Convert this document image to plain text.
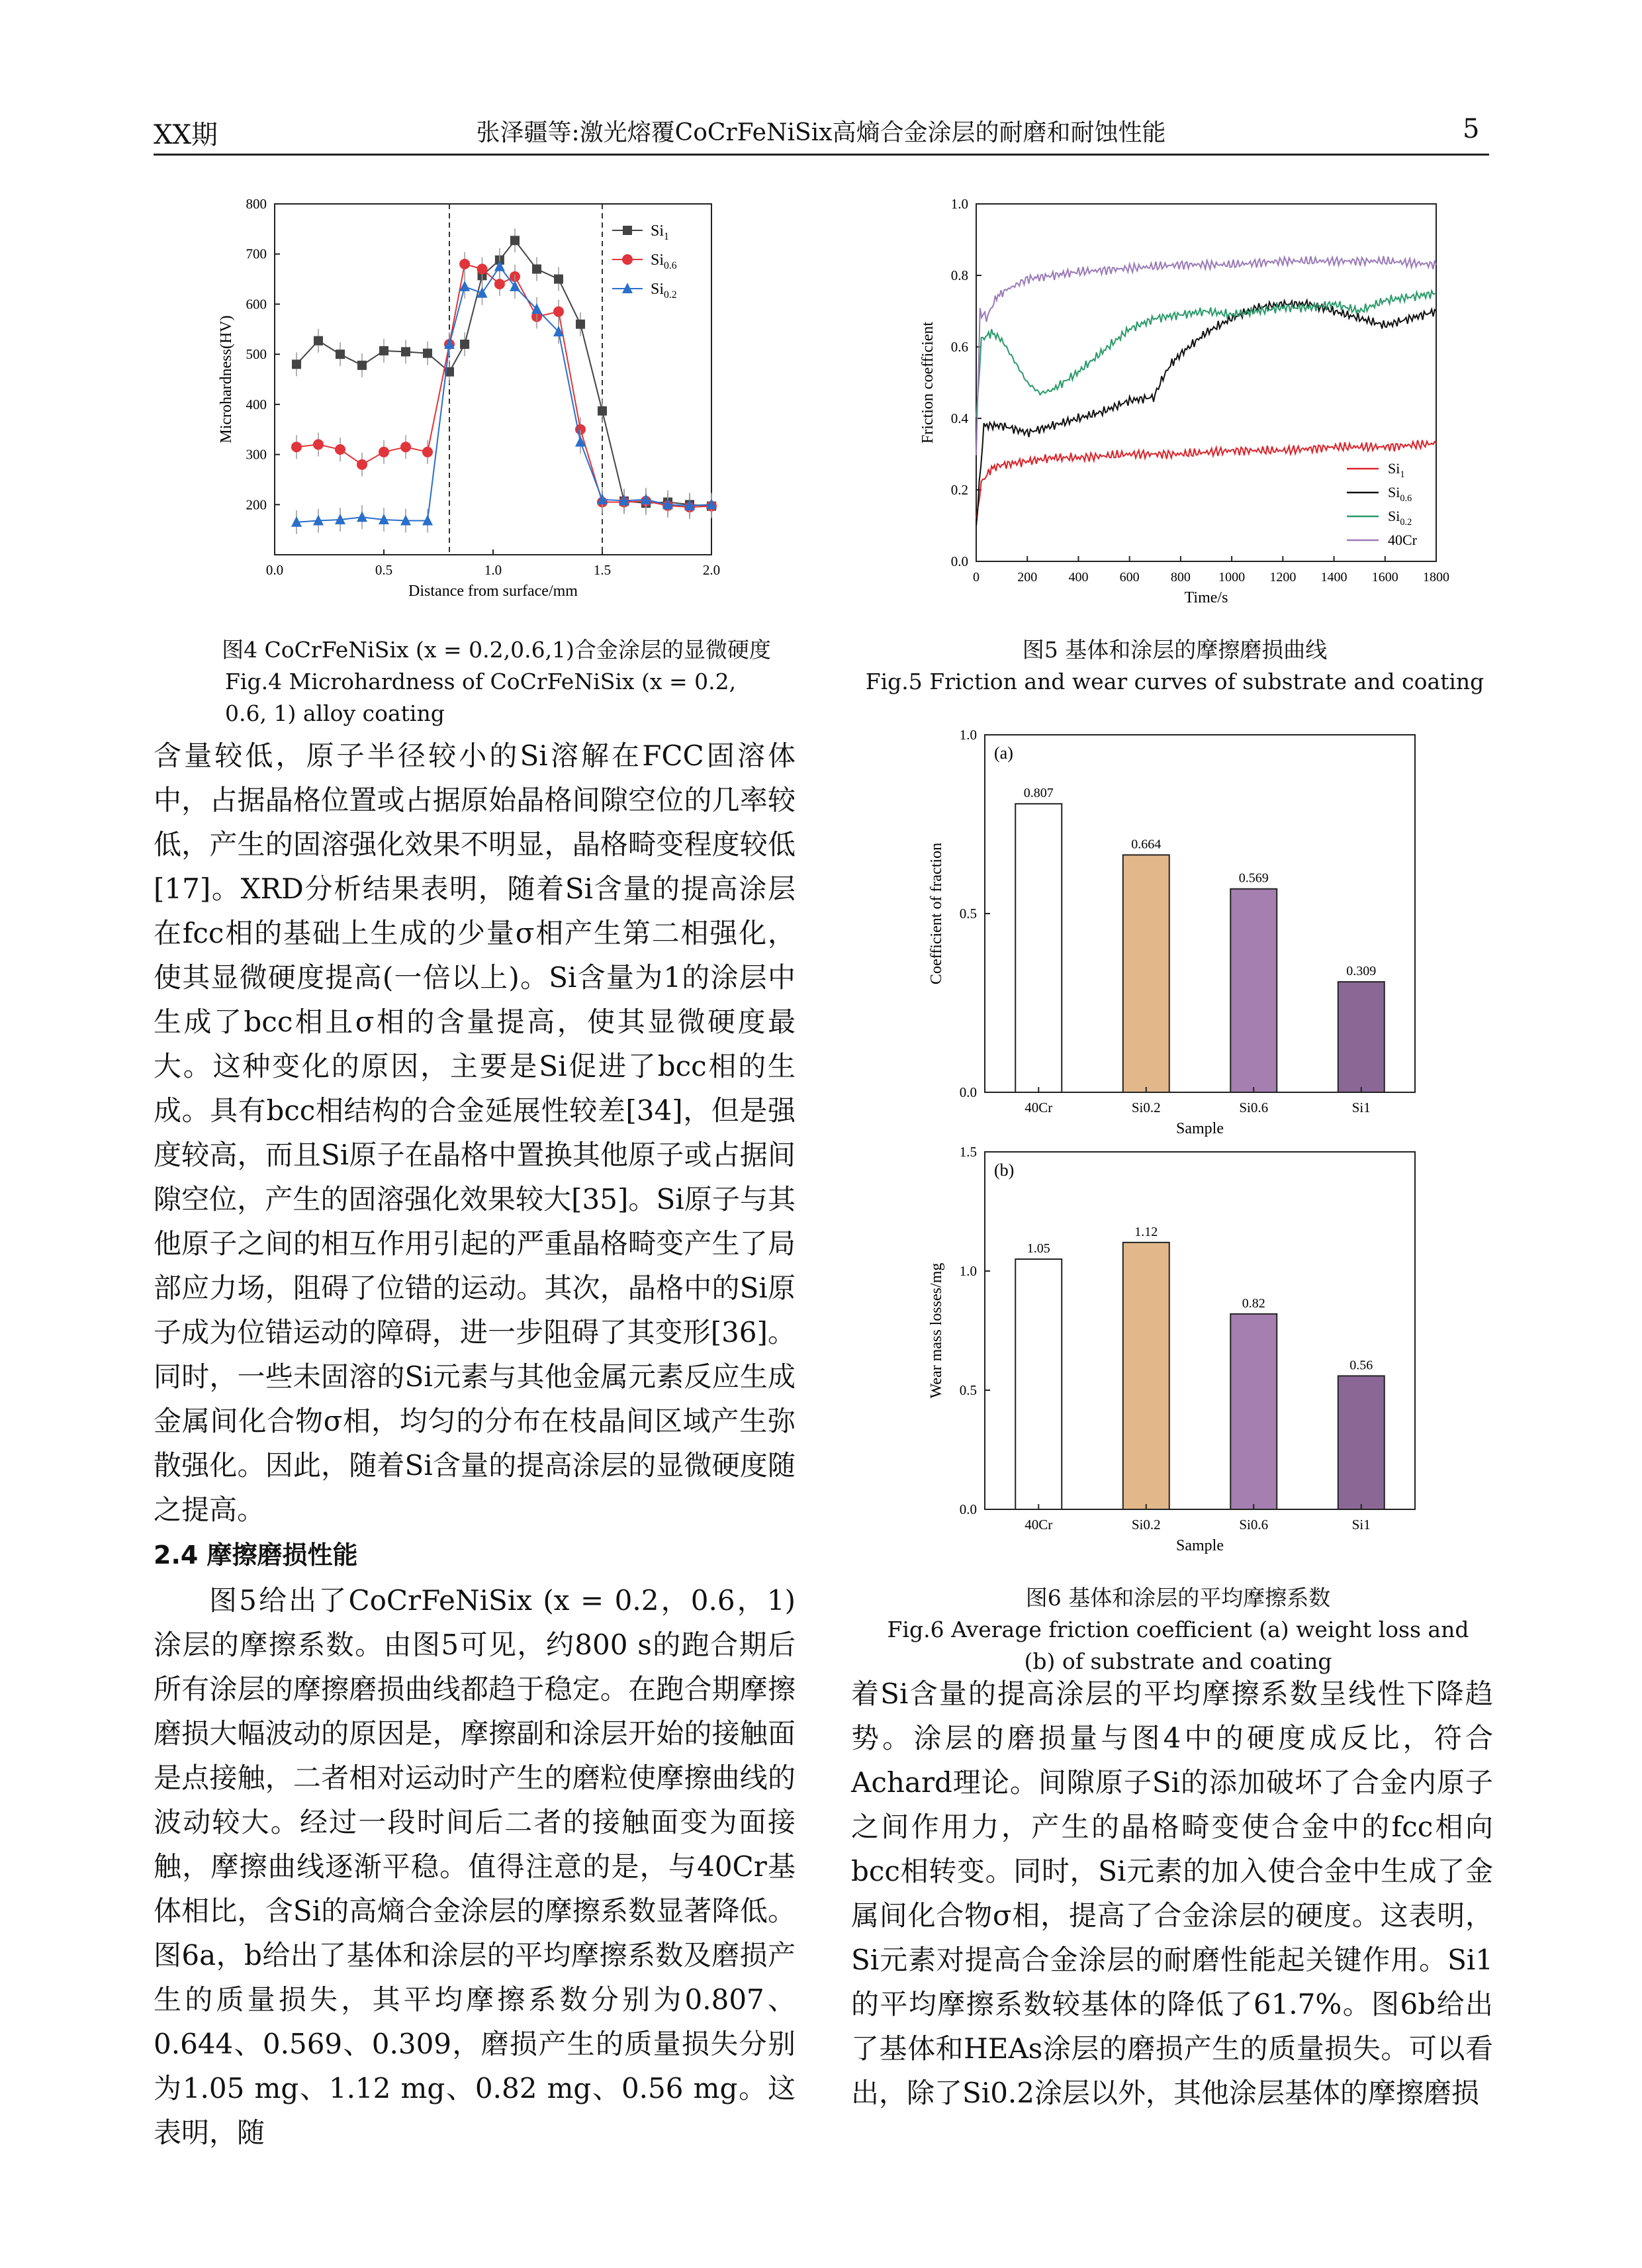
XX期	张泽疆等:激光熔覆CoCrFeNiSix高熵合金涂层的耐磨和耐蚀性能	5
200
300
400
500
600
700
800
0.0	0.5	1.0	1.5	2.0
Distance from surface/mm
Microhardness(HV)
$Si_1$
$Si_{0.6}$
$Si_{0.2}$
图4 CoCrFeNiSix (x = 0.2,0.6,1)合金涂层的显微硬度
Fig.4 Microhardness of CoCrFeNiSix (x = 0.2, 0.6, 1) alloy coating
0.0
0.2
0.4
0.6
0.8
1.0
0	200 400 600 800 1000 1200 1400 1600 1800
Time/s
Friction coefficient
$Si_1$
$Si_{0.6}$
$Si_{0.2}$
40Cr
图5 基体和涂层的摩擦磨损曲线
Fig.5 Friction and wear curves of substrate and coating
(a)
0.0
0.5
1.0
0.807
40Cr
0.664
Si0.2
0.569
Si0.6
0.309
Si1
Sample
Coefficient of fraction
(b)
0.0
0.5
1.0
1.5
1.05
40Cr
1.12
Si0.2
0.82
Si0.6
0.56
Si1
Sample
Wear mass losses/mg
图6 基体和涂层的平均摩擦系数
Fig.6 Average friction coefficient (a) weight loss and (b) of substrate and coating

含量较低，原子半径较小的Si溶解在FCC固溶体中，占据晶格位置或占据原始晶格间隙空位的几率较低，产生的固溶强化效果不明显，晶格畸变程度较低[17]。XRD分析结果表明，随着Si含量的提高涂层在fcc相的基础上生成的少量σ相产生第二相强化，使其显微硬度提高(一倍以上)。Si含量为1的涂层中生成了bcc相且σ相的含量提高，使其显微硬度最大。这种变化的原因，主要是Si促进了bcc相的生成。具有bcc相结构的合金延展性较差[34]，但是强度较高，而且Si原子在晶格中置换其他原子或占据间隙空位，产生的固溶强化效果较大[35]。Si原子与其他原子之间的相互作用引起的严重晶格畸变产生了局部应力场，阻碍了位错的运动。其次，晶格中的Si原子成为位错运动的障碍，进一步阻碍了其变形[36]。同时，一些未固溶的Si元素与其他金属元素反应生成金属间化合物σ相，均匀的分布在枝晶间区域产生弥散强化。因此，随着Si含量的提高涂层的显微硬度随之提高。

2.4 摩擦磨损性能

图5给出了CoCrFeNiSix (x = 0.2，0.6，1)涂层的摩擦系数。由图5可见，约800 s的跑合期后所有涂层的摩擦磨损曲线都趋于稳定。在跑合期摩擦磨损大幅波动的原因是，摩擦副和涂层开始的接触面是点接触，二者相对运动时产生的磨粒使摩擦曲线的波动较大。经过一段时间后二者的接触面变为面接触，摩擦曲线逐渐平稳。值得注意的是，与40Cr基体相比，含Si的高熵合金涂层的摩擦系数显著降低。图6a，b给出了基体和涂层的平均摩擦系数及磨损产生的质量损失，其平均摩擦系数分别为0.807、0.644、0.569、0.309，磨损产生的质量损失分别为1.05 mg、1.12 mg、0.82 mg、0.56 mg。这表明，随

着Si含量的提高涂层的平均摩擦系数呈线性下降趋势。涂层的磨损量与图4中的硬度成反比，符合Achard理论。间隙原子Si的添加破坏了合金内原子之间作用力，产生的晶格畸变使合金中的fcc相向bcc相转变。同时，Si元素的加入使合金中生成了金属间化合物σ相，提高了合金涂层的硬度。这表明，Si元素对提高合金涂层的耐磨性能起关键作用。Si1的平均摩擦系数较基体的降低了61.7%。图6b给出了基体和HEAs涂层的磨损产生的质量损失。可以看出，除了Si0.2涂层以外，其他涂层基体的摩擦磨损
